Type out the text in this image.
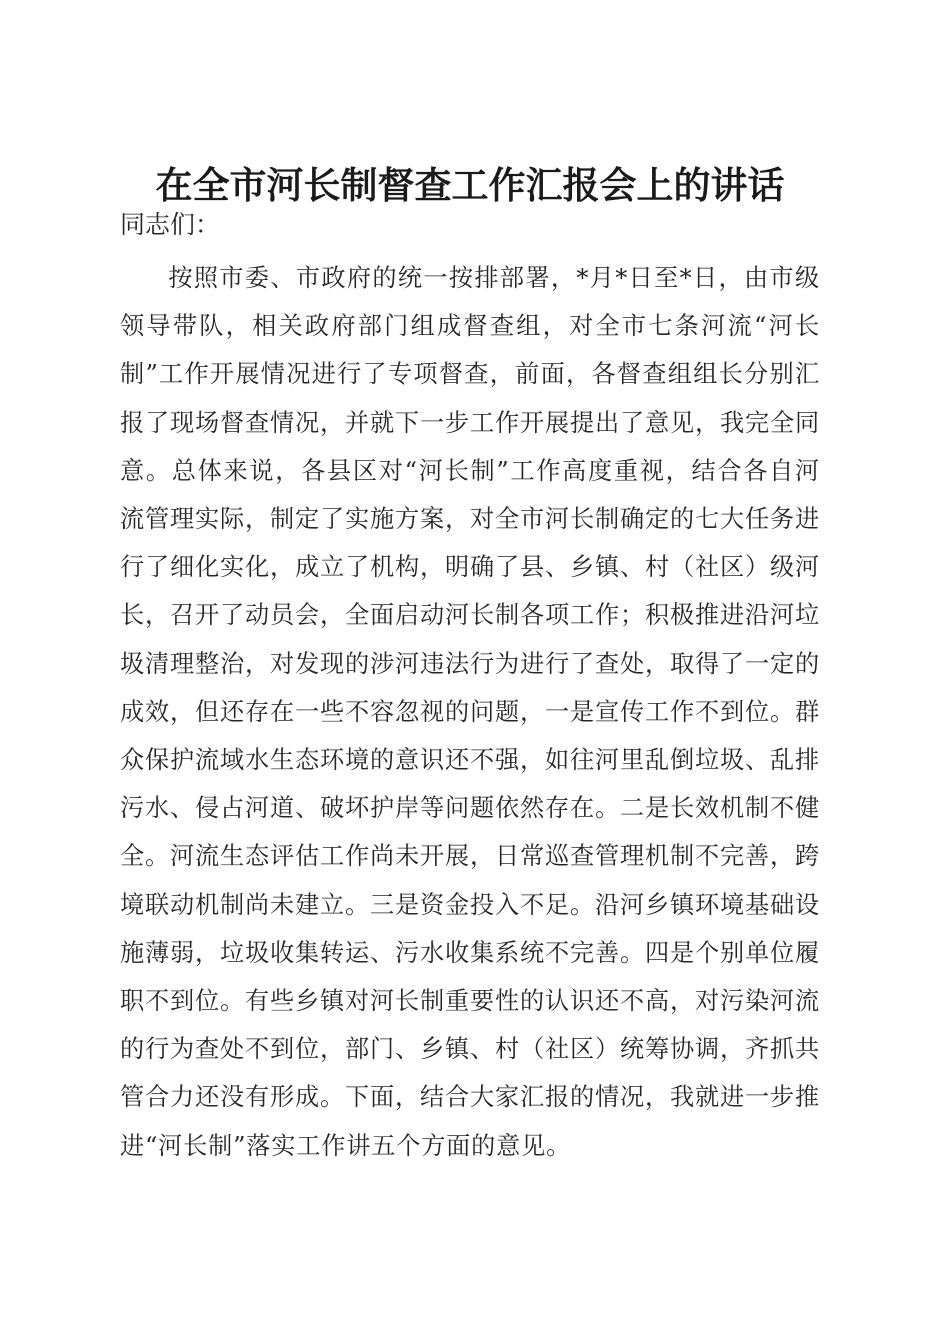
在全市河长制督查工作汇报会上的讲话
同志们：

按照市委、市政府的统一按排部署，*月*日至*日，由市级领导带队，相关政府部门组成督查组，对全市七条河流“河长制”工作开展情况进行了专项督查，前面，各督查组组长分别汇报了现场督查情况，并就下一步工作开展提出了意见，我完全同意。总体来说，各县区对“河长制”工作高度重视，结合各自河流管理实际，制定了实施方案，对全市河长制确定的七大任务进行了细化实化，成立了机构，明确了县、乡镇、村（社区）级河长，召开了动员会，全面启动河长制各项工作；积极推进沿河垃圾清理整治，对发现的涉河违法行为进行了查处，取得了一定的成效，但还存在一些不容忽视的问题，一是宣传工作不到位。群众保护流域水生态环境的意识还不强，如往河里乱倒垃圾、乱排污水、侵占河道、破坏护岸等问题依然存在。二是长效机制不健全。河流生态评估工作尚未开展，日常巡查管理机制不完善，跨境联动机制尚未建立。三是资金投入不足。沿河乡镇环境基础设施薄弱，垃圾收集转运、污水收集系统不完善。四是个别单位履职不到位。有些乡镇对河长制重要性的认识还不高，对污染河流的行为查处不到位，部门、乡镇、村（社区）统筹协调，齐抓共管合力还没有形成。下面，结合大家汇报的情况，我就进一步推进“河长制”落实工作讲五个方面的意见。
